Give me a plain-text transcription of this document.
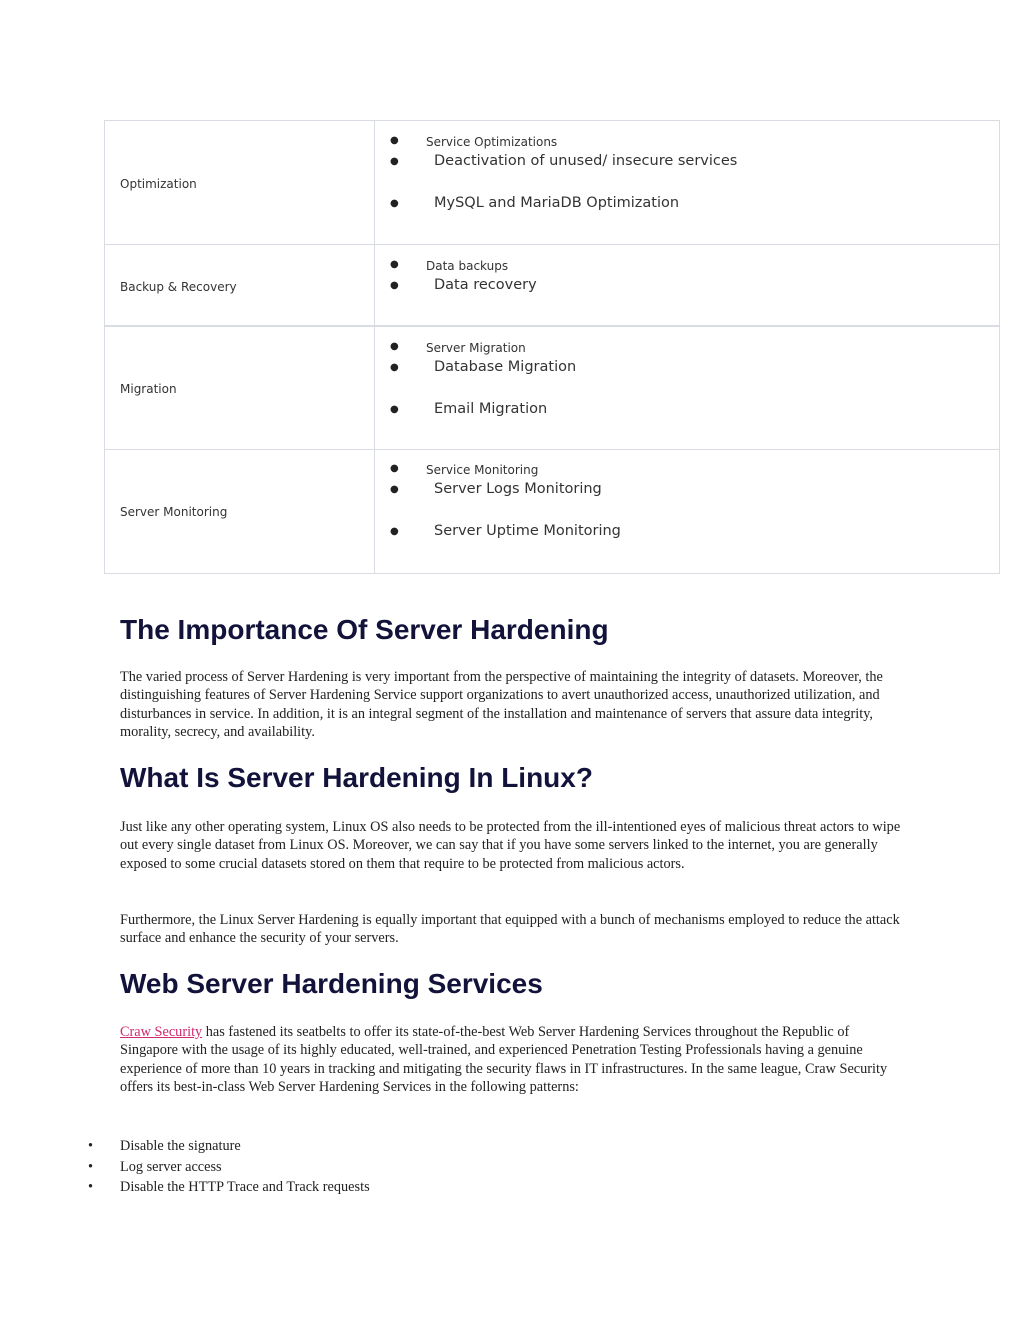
Optimization
● Service Optimizations
● Deactivation of unused/ insecure services
● MySQL and MariaDB Optimization
Backup & Recovery
● Data backups
● Data recovery
Migration
● Server Migration
● Database Migration
● Email Migration
Server Monitoring
● Service Monitoring
● Server Logs Monitoring
● Server Uptime Monitoring
The Importance Of Server Hardening

The varied process of Server Hardening is very important from the perspective of maintaining the integrity of datasets. Moreover, the distinguishing features of Server Hardening Service support organizations to avert unauthorized access, unauthorized utilization, and disturbances in service. In addition, it is an integral segment of the installation and maintenance of servers that assure data integrity, morality, secrecy, and availability.

What Is Server Hardening In Linux?

Just like any other operating system, Linux OS also needs to be protected from the ill-intentioned eyes of malicious threat actors to wipe out every single dataset from Linux OS. Moreover, we can say that if you have some servers linked to the internet, you are generally exposed to some crucial datasets stored on them that require to be protected from malicious actors.

Furthermore, the Linux Server Hardening is equally important that equipped with a bunch of mechanisms employed to reduce the attack surface and enhance the security of your servers.

Web Server Hardening Services

Craw Security has fastened its seatbelts to offer its state-of-the-best Web Server Hardening Services throughout the Republic of Singapore with the usage of its highly educated, well-trained, and experienced Penetration Testing Professionals having a genuine experience of more than 10 years in tracking and mitigating the security flaws in IT infrastructures. In the same league, Craw Security offers its best-in-class Web Server Hardening Services in the following patterns:

• Disable the signature
• Log server access
• Disable the HTTP Trace and Track requests
